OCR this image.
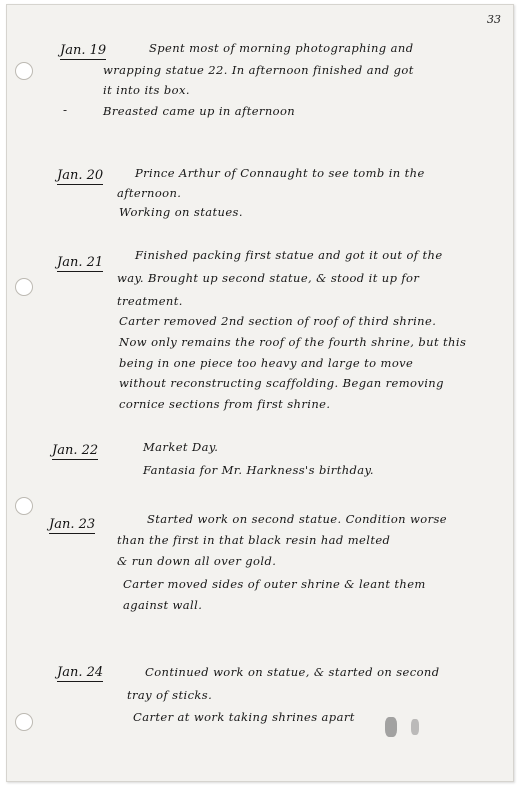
33
Jan. 19	Spent most of morning photographing and
wrapping statue 22. In afternoon finished and got
it into its box.
-	Breasted came up in afternoon
Jan. 20	Prince Arthur of Connaught to see tomb in the
afternoon.
Working on statues.
Jan. 21	Finished packing first statue and got it out of the
way. Brought up second statue, & stood it up for
treatment.
Carter removed 2nd section of roof of third shrine.
Now only remains the roof of the fourth shrine, but this
being in one piece too heavy and large to move
without reconstructing scaffolding. Began removing
cornice sections from first shrine.
Jan. 22	Market Day.
Fantasia for Mr. Harkness's birthday.
Jan. 23	Started work on second statue. Condition worse
than the first in that black resin had melted
& run down all over gold.
Carter moved sides of outer shrine & leant them
against wall.
Jan. 24	Continued work on statue, & started on second
tray of sticks.
Carter at work taking shrines apart
